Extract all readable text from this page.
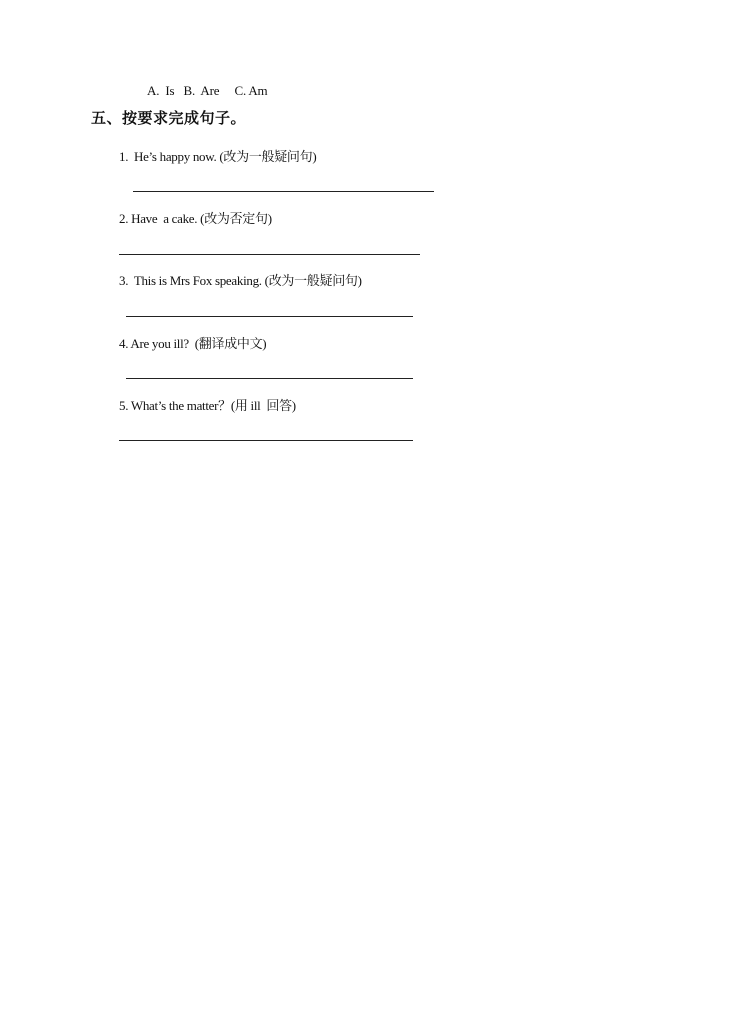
A.  Is   B.  Are     C. Am
五、按要求完成句子。
1.  He’s happy now. (改为一般疑问句)
2. Have  a cake. (改为否定句)
3.  This is Mrs Fox speaking. (改为一般疑问句)
4. Are you ill?  (翻译成中文)
5. What’s the matter？(用 ill  回答)
